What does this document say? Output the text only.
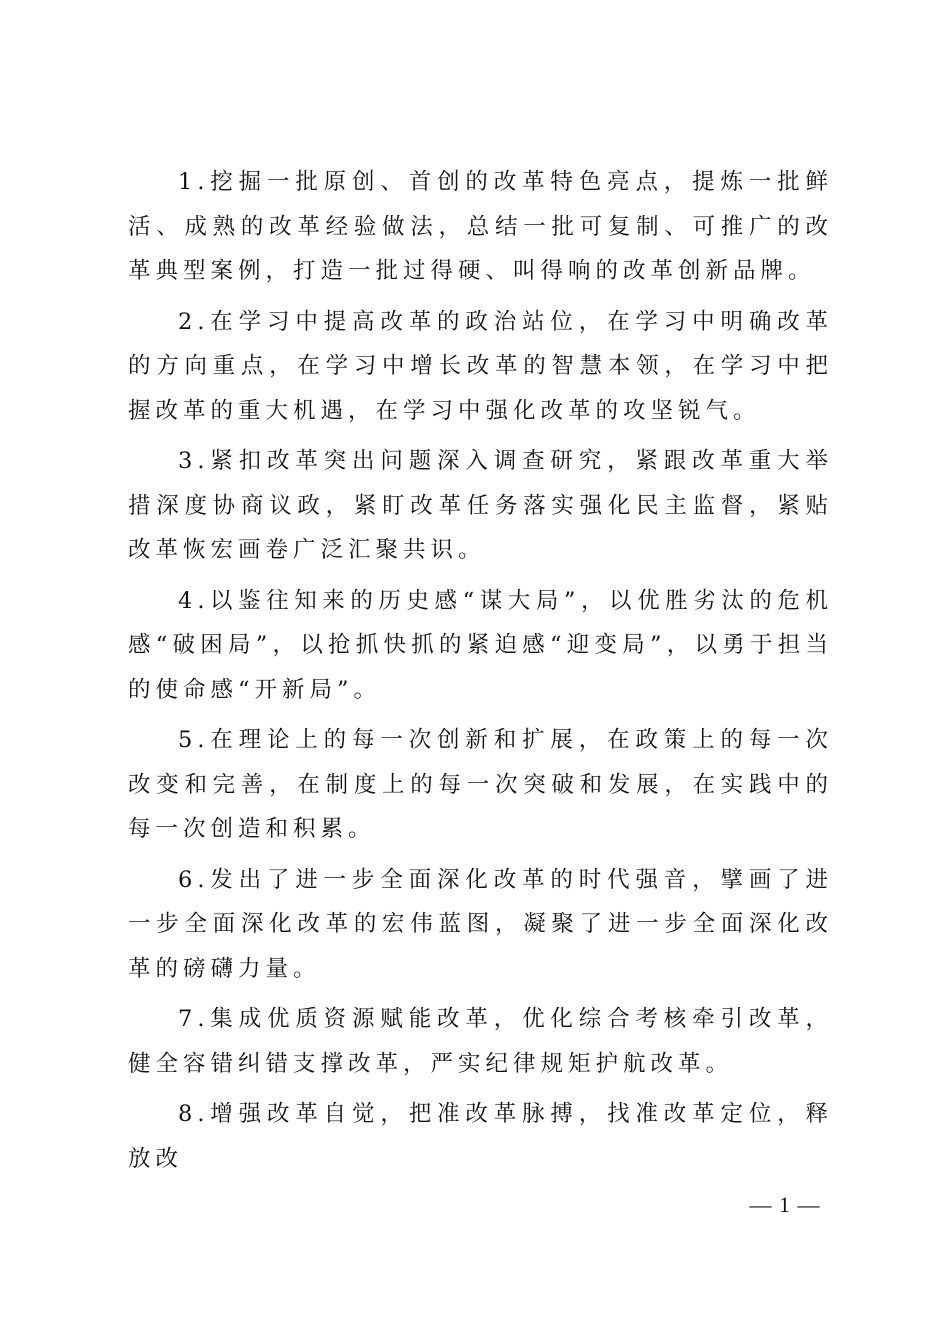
1.挖掘一批原创、首创的改革特色亮点，提炼一批鲜活、成熟的改革经验做法，总结一批可复制、可推广的改革典型案例，打造一批过得硬、叫得响的改革创新品牌。

2.在学习中提高改革的政治站位，在学习中明确改革的方向重点，在学习中增长改革的智慧本领，在学习中把握改革的重大机遇，在学习中强化改革的攻坚锐气。

3.紧扣改革突出问题深入调查研究，紧跟改革重大举措深度协商议政，紧盯改革任务落实强化民主监督，紧贴改革恢宏画卷广泛汇聚共识。

4.以鉴往知来的历史感“谋大局”，以优胜劣汰的危机感“破困局”，以抢抓快抓的紧迫感“迎变局”，以勇于担当的使命感“开新局”。

5.在理论上的每一次创新和扩展，在政策上的每一次改变和完善，在制度上的每一次突破和发展，在实践中的每一次创造和积累。

6.发出了进一步全面深化改革的时代强音，擘画了进一步全面深化改革的宏伟蓝图，凝聚了进一步全面深化改革的磅礴力量。

7.集成优质资源赋能改革，优化综合考核牵引改革，健全容错纠错支撑改革，严实纪律规矩护航改革。

8.增强改革自觉，把准改革脉搏，找准改革定位，释放改

— 1 —
